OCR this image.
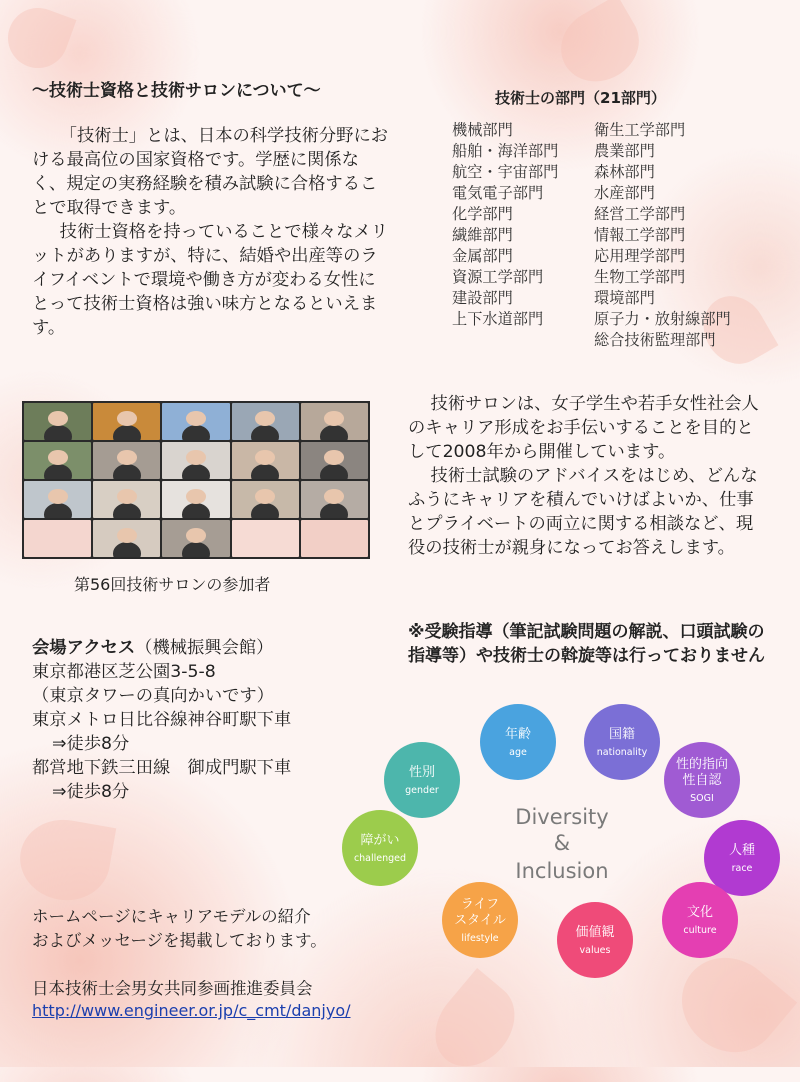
～技術士資格と技術サロンについて～

「技術士」とは、日本の科学技術分野における最高位の国家資格です。学歴に関係なく、規定の実務経験を積み試験に合格することで取得できます。

技術士資格を持っていることで様々なメリットがありますが、特に、結婚や出産等のライフイベントで環境や働き方が変わる女性にとって技術士資格は強い味方となるといえます。

技術士の部門（21部門）
機械部門
船舶・海洋部門
航空・宇宙部門
電気電子部門
化学部門
繊維部門
金属部門
資源工学部門
建設部門
上下水道部門
衛生工学部門
農業部門
森林部門
水産部門
経営工学部門
情報工学部門
応用理学部門
生物工学部門
環境部門
原子力・放射線部門
総合技術監理部門
第56回技術サロンの参加者

技術サロンは、女子学生や若手女性社会人のキャリア形成をお手伝いすることを目的として2008年から開催しています。

技術士試験のアドバイスをはじめ、どんなふうにキャリアを積んでいけばよいか、仕事とプライベートの両立に関する相談など、現役の技術士が親身になってお答えします。

※受験指導（筆記試験問題の解説、口頭試験の指導等）や技術士の斡旋等は行っておりません
会場アクセス（機械振興会館）
東京都港区芝公園3-5-8
（東京タワーの真向かいです）
東京メトロ日比谷線神谷町駅下車
⇒徒歩8分
都営地下鉄三田線　御成門駅下車
⇒徒歩8分
Diversity
&
Inclusion
性別
gender
年齢
age
国籍
nationality
性的指向
性自認
SOGI
人種
race
文化
culture
価値観
values
ライフ
スタイル
lifestyle
障がい
challenged
ホームページにキャリアモデルの紹介
およびメッセージを掲載しております。
日本技術士会男女共同参画推進委員会
http://www.engineer.or.jp/c_cmt/danjyo/
